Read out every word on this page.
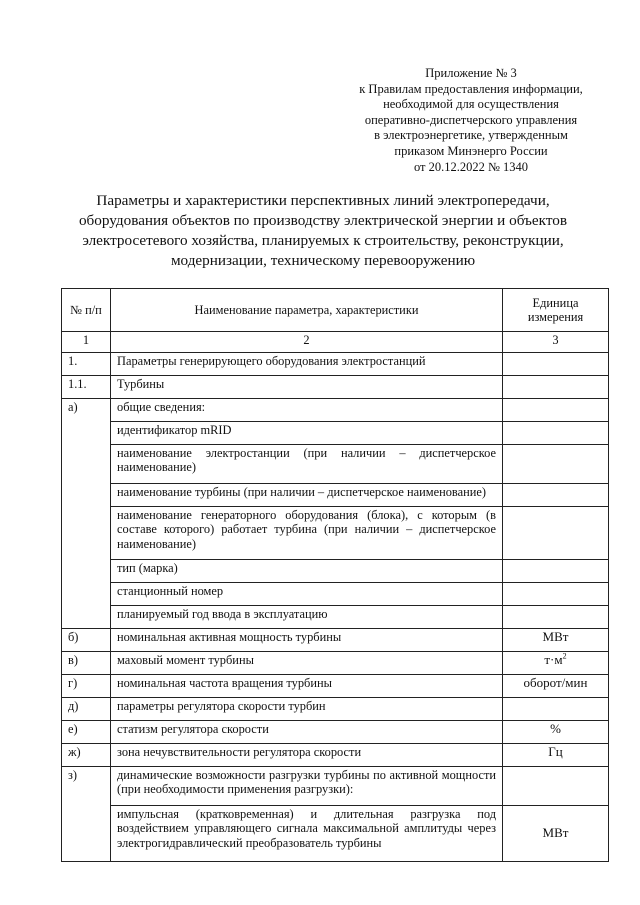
Приложение № 3
к Правилам предоставления информации,
необходимой для осуществления
оперативно-диспетчерского управления
в электроэнергетике, утвержденным
приказом Минэнерго России
от 20.12.2022 № 1340
Параметры и характеристики перспективных линий электропередачи,
оборудования объектов по производству электрической энергии и объектов
электросетевого хозяйства, планируемых к строительству, реконструкции,
модернизации, техническому перевооружению
№ п/п	Наименование параметра, характеристики	Единица измерения
1	2	3
1.	Параметры генерирующего оборудования электростанций	
1.1.	Турбины	
а)	общие сведения:	
	идентификатор mRID	
	наименование электростанции (при наличии – диспетчерское наименование)	
	наименование турбины (при наличии – диспетчерское наименование)	
	наименование генераторного оборудования (блока), с которым (в составе которого) работает турбина (при наличии – диспетчерское наименование)	
	тип (марка)	
	станционный номер	
	планируемый год ввода в эксплуатацию	
б)	номинальная активная мощность турбины	МВт
в)	маховый момент турбины	$т\cdot м^2$
г)	номинальная частота вращения турбины	оборот/мин
д)	параметры регулятора скорости турбин	
е)	статизм регулятора скорости	%
ж)	зона нечувствительности регулятора скорости	Гц
з)	динамические возможности разгрузки турбины по активной мощности (при необходимости применения разгрузки):	
	импульсная (кратковременная) и длительная разгрузка под воздействием управляющего сигнала максимальной амплитуды через электрогидравлический преобразователь турбины	МВт
